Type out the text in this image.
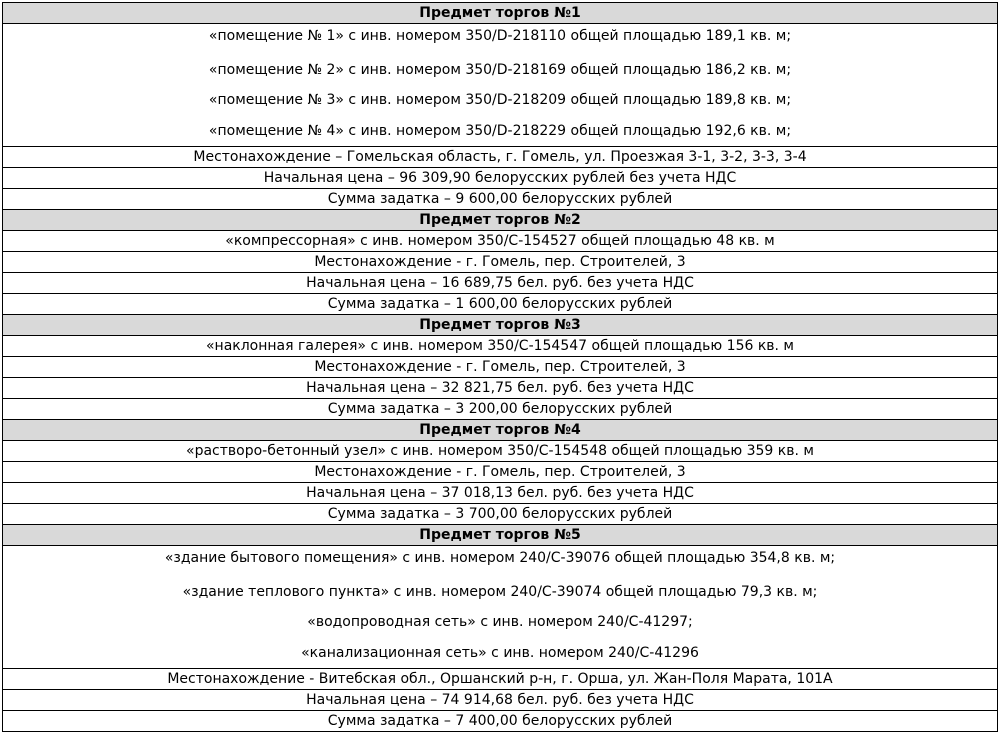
Предмет торгов №1

«помещение № 1» с инв. номером 350/D-218110 общей площадью 189,1 кв. м;
«помещение № 2» с инв. номером 350/D-218169 общей площадью 186,2 кв. м;
«помещение № 3» с инв. номером 350/D-218209 общей площадью 189,8 кв. м;
«помещение № 4» с инв. номером 350/D-218229 общей площадью 192,6 кв. м;

Местонахождение – Гомельская область, г. Гомель, ул. Проезжая 3-1, 3-2, 3-3, 3-4
Начальная цена – 96 309,90 белорусских рублей без учета НДС
Сумма задатка – 9 600,00 белорусских рублей
Предмет торгов №2
«компрессорная» с инв. номером 350/С-154527 общей площадью 48 кв. м
Местонахождение - г. Гомель, пер. Строителей, 3
Начальная цена – 16 689,75 бел. руб. без учета НДС
Сумма задатка – 1 600,00 белорусских рублей
Предмет торгов №3
«наклонная галерея» с инв. номером 350/С-154547 общей площадью 156 кв. м
Местонахождение - г. Гомель, пер. Строителей, 3
Начальная цена – 32 821,75 бел. руб. без учета НДС
Сумма задатка – 3 200,00 белорусских рублей
Предмет торгов №4
«растворо-бетонный узел» с инв. номером 350/С-154548 общей площадью 359 кв. м
Местонахождение - г. Гомель, пер. Строителей, 3
Начальная цена – 37 018,13 бел. руб. без учета НДС
Сумма задатка – 3 700,00 белорусских рублей
Предмет торгов №5

«здание бытового помещения» с инв. номером 240/С-39076 общей площадью 354,8 кв. м;
«здание теплового пункта» с инв. номером 240/С-39074 общей площадью 79,3 кв. м;
«водопроводная сеть» с инв. номером 240/С-41297;
«канализационная сеть» с инв. номером 240/С-41296

Местонахождение - Витебская обл., Оршанский р-н, г. Орша, ул. Жан-Поля Марата, 101А
Начальная цена – 74 914,68 бел. руб. без учета НДС
Сумма задатка – 7 400,00 белорусских рублей
